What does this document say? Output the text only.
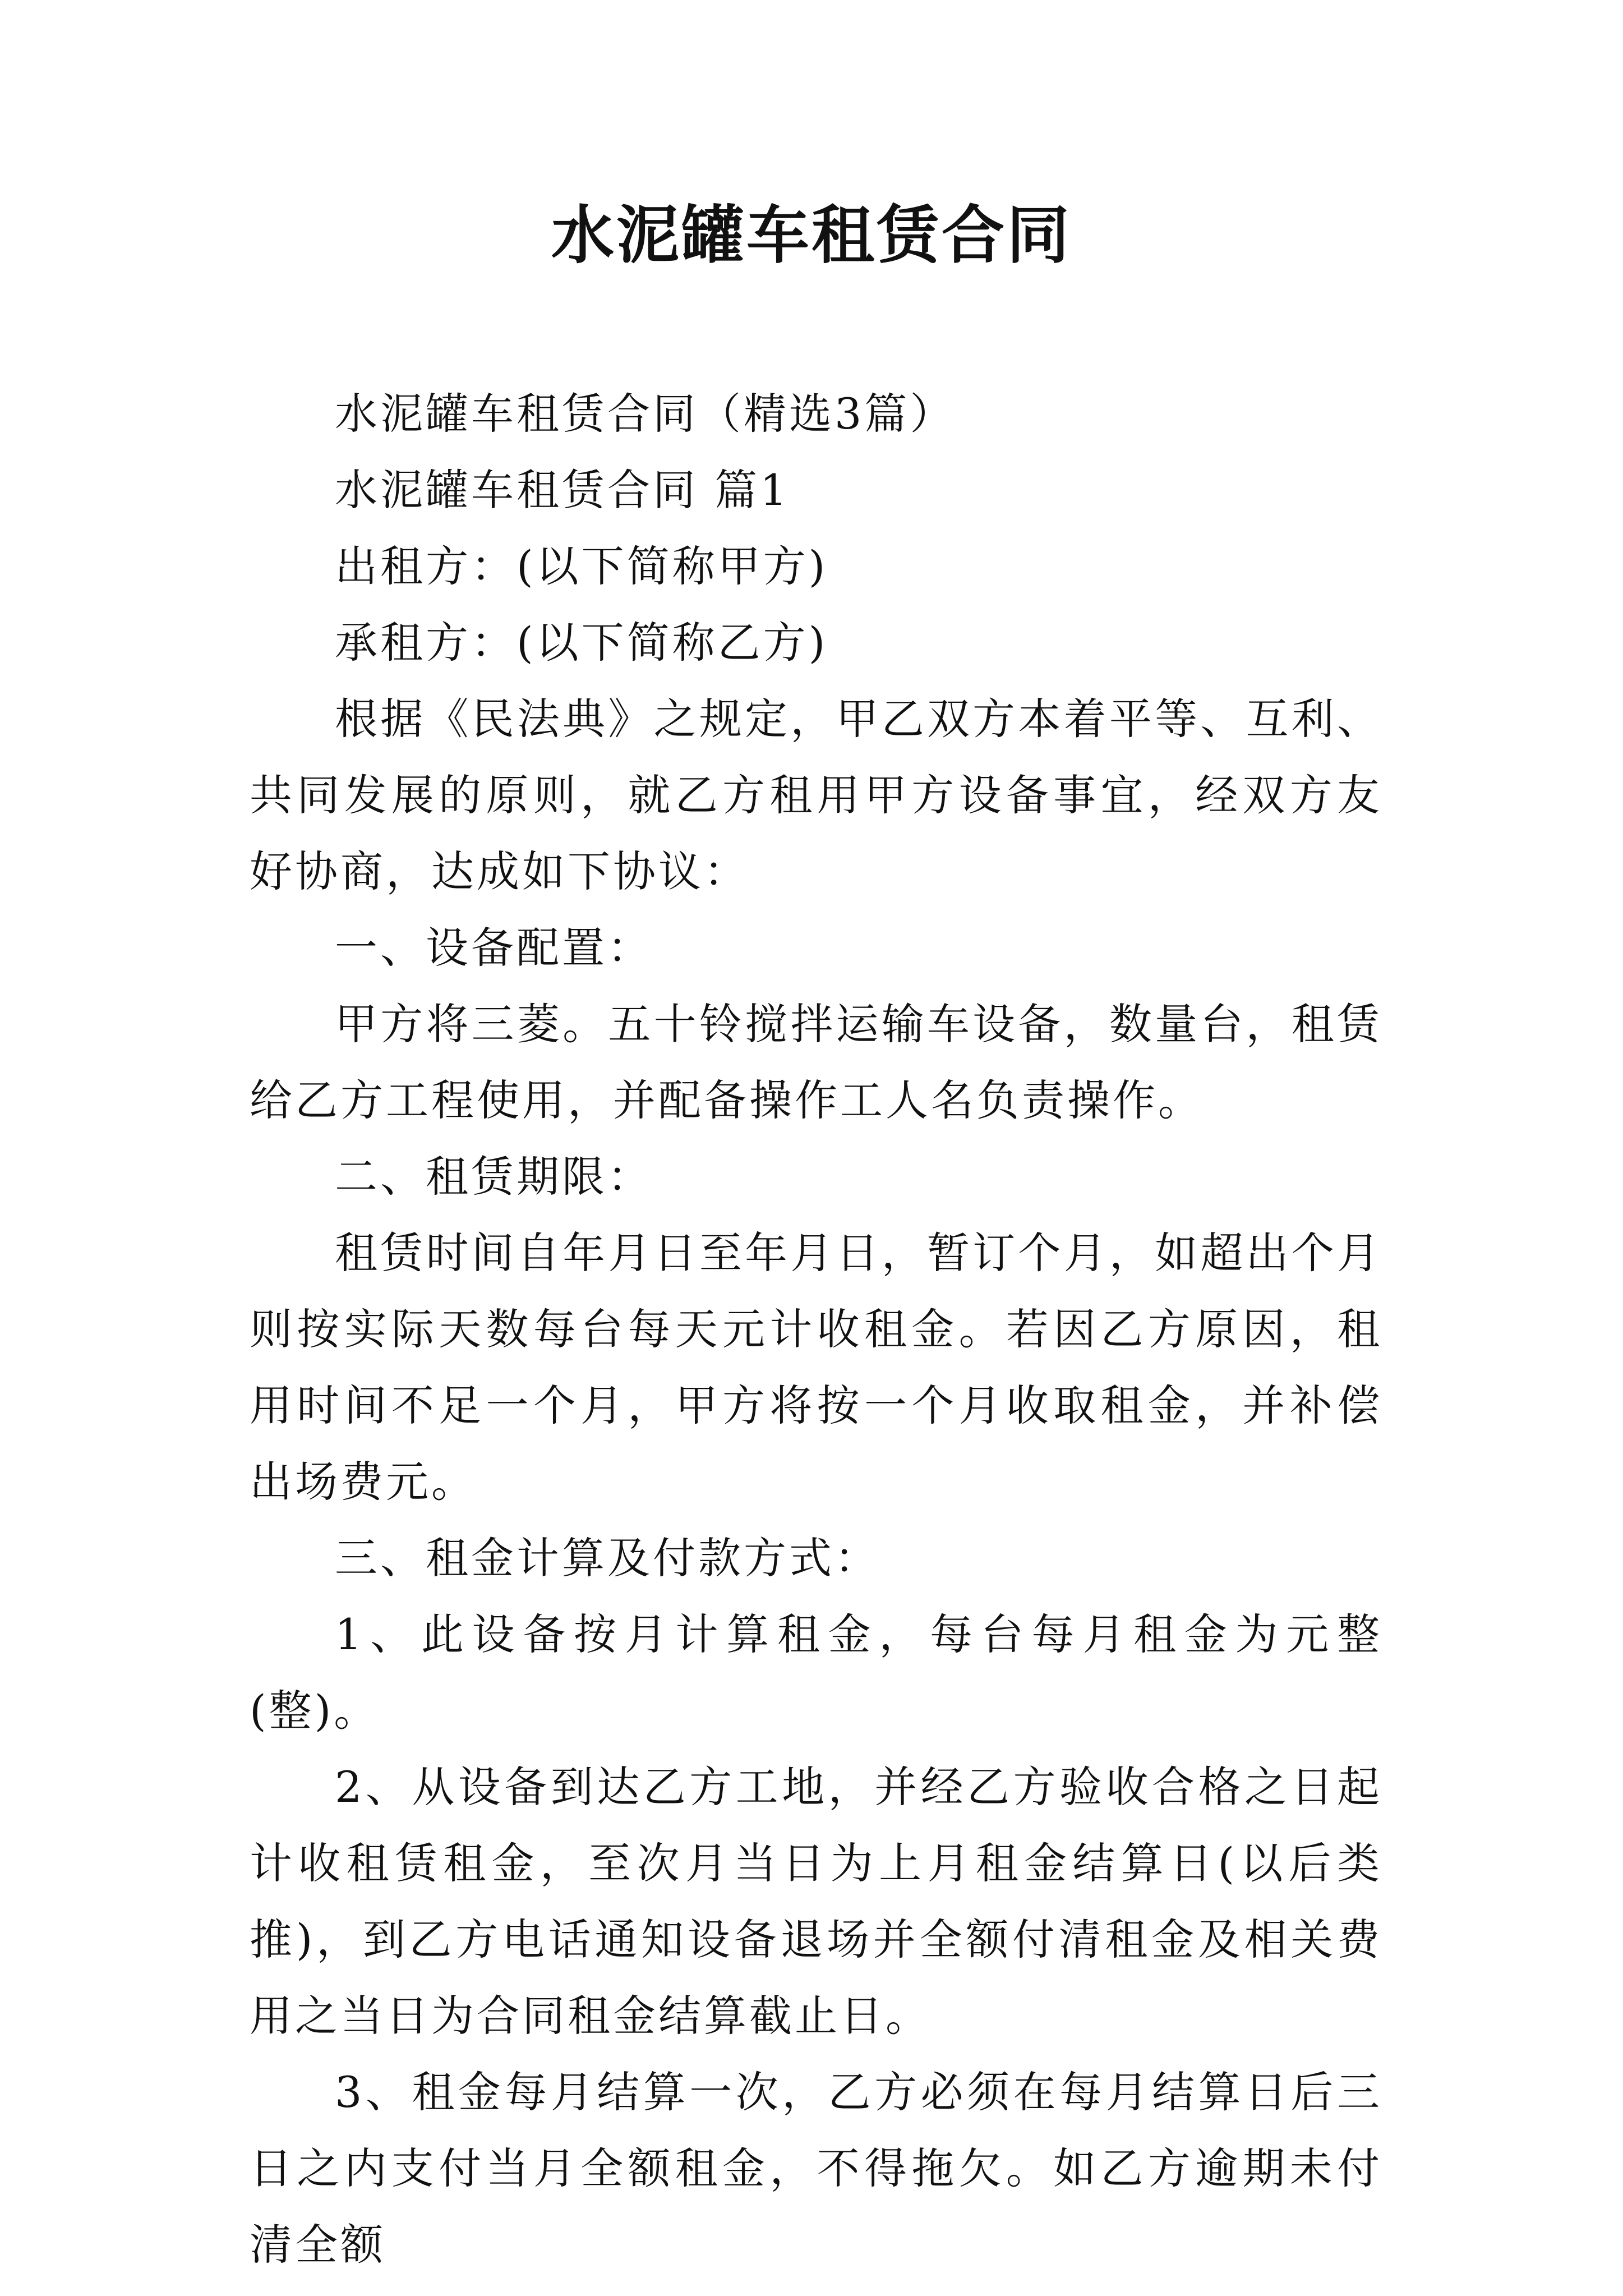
水泥罐车租赁合同

水泥罐车租赁合同（精选3篇）

水泥罐车租赁合同 篇1

出租方：(以下简称甲方)

承租方：(以下简称乙方)

根据《民法典》之规定，甲乙双方本着平等、互利、共同发展的原则，就乙方租用甲方设备事宜，经双方友好协商，达成如下协议：

一、设备配置：

甲方将三菱。五十铃搅拌运输车设备，数量台，租赁给乙方工程使用，并配备操作工人名负责操作。

二、租赁期限：

租赁时间自年月日至年月日，暂订个月，如超出个月则按实际天数每台每天元计收租金。若因乙方原因，租用时间不足一个月，甲方将按一个月收取租金，并补偿出场费元。

三、租金计算及付款方式：

1、此设备按月计算租金，每台每月租金为元整(整)。

2、从设备到达乙方工地，并经乙方验收合格之日起计收租赁租金，至次月当日为上月租金结算日(以后类推)，到乙方电话通知设备退场并全额付清租金及相关费用之当日为合同租金结算截止日。

3、租金每月结算一次，乙方必须在每月结算日后三日之内支付当月全额租金，不得拖欠。如乙方逾期未付清全额
